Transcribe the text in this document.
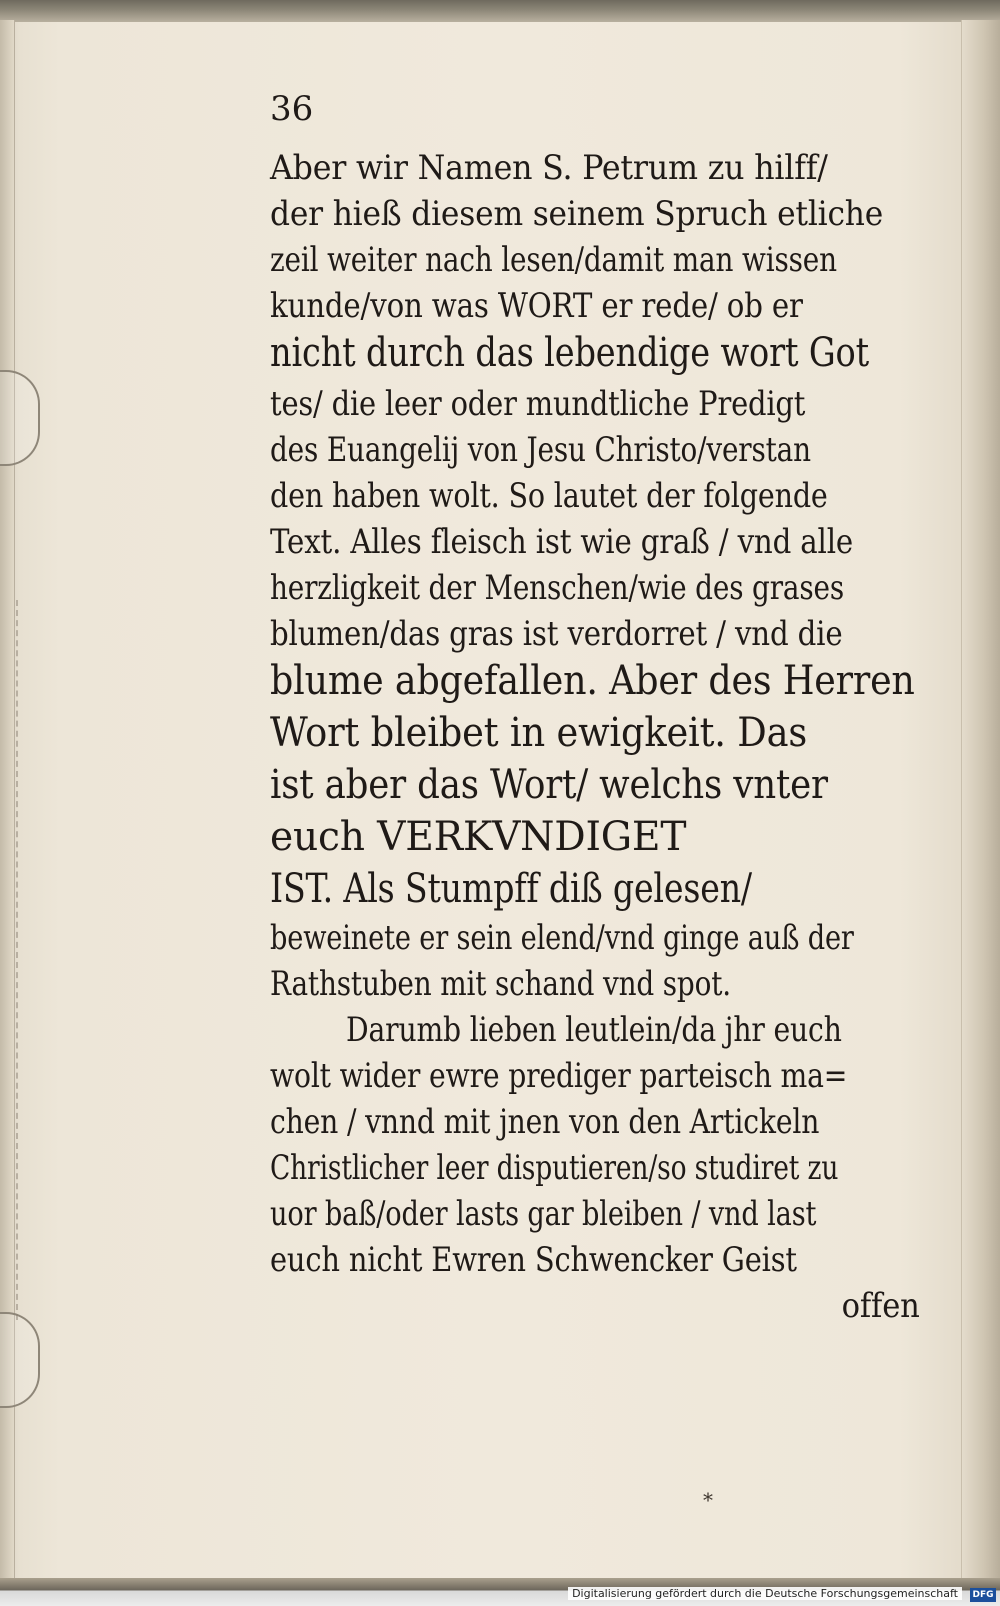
36
Aber wir Namen S. Petrum zu hilff/
der hieß diesem seinem Spruch etliche
zeil weiter nach lesen/damit man wissen
kunde/von was WORT er rede/ ob er
nicht durch das lebendige wort Got
tes/ die leer oder mundtliche Predigt
des Euangelij von Jesu Christo/verstan
den haben wolt. So lautet der folgende
Text. Alles fleisch ist wie graß / vnd alle
herzligkeit der Menschen/wie des grases
blumen/das gras ist verdorret / vnd die
blume abgefallen. Aber des Herren
Wort bleibet in ewigkeit. Das
ist aber das Wort/ welchs vnter
euch VERKVNDIGET
IST. Als Stumpff diß gelesen/
beweinete er sein elend/vnd ginge auß der
Rathstuben mit schand vnd spot.
Darumb lieben leutlein/da jhr euch
wolt wider ewre prediger parteisch ma=
chen / vnnd mit jnen von den Artickeln
Christlicher leer disputieren/so studiret zu
uor baß/oder lasts gar bleiben / vnd last
euch nicht Ewren Schwencker Geist
offen
*
Digitalisierung gefördert durch die Deutsche Forschungsgemeinschaft	DFG
